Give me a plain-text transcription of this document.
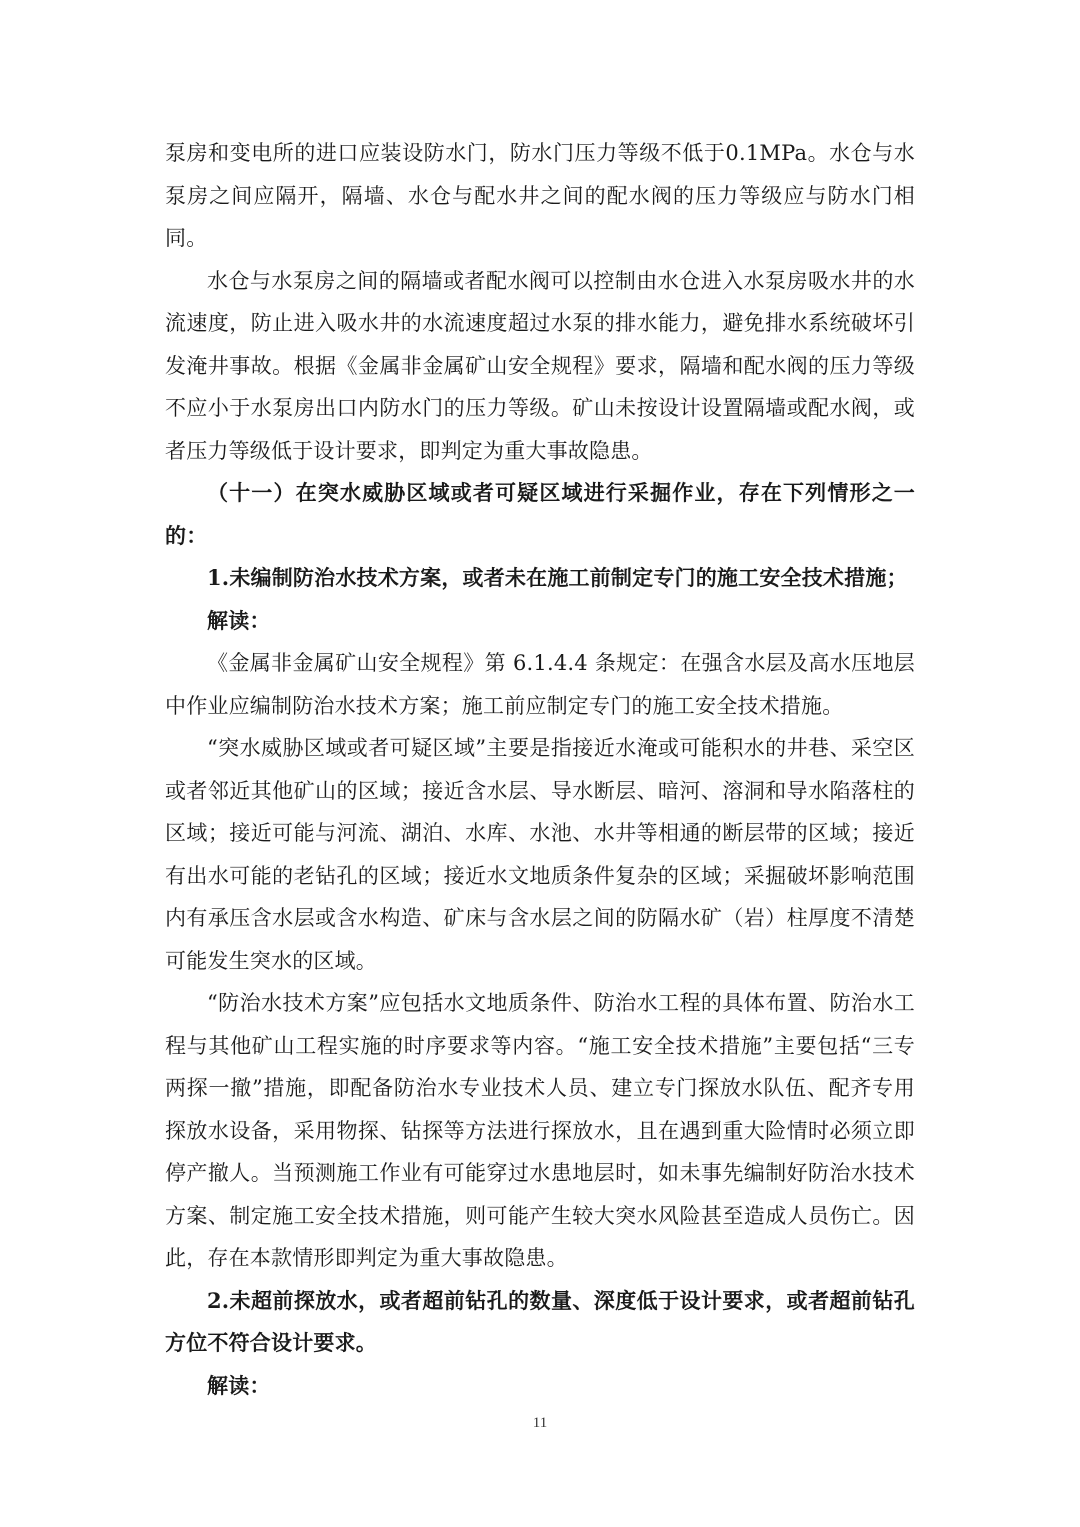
泵房和变电所的进口应装设防水门，防水门压力等级不低于0.1MPa。水仓与水泵房之间应隔开，隔墙、水仓与配水井之间的配水阀的压力等级应与防水门相同。

水仓与水泵房之间的隔墙或者配水阀可以控制由水仓进入水泵房吸水井的水流速度，防止进入吸水井的水流速度超过水泵的排水能力，避免排水系统破坏引发淹井事故。根据《金属非金属矿山安全规程》要求，隔墙和配水阀的压力等级不应小于水泵房出口内防水门的压力等级。矿山未按设计设置隔墙或配水阀，或者压力等级低于设计要求，即判定为重大事故隐患。

（十一）在突水威胁区域或者可疑区域进行采掘作业，存在下列情形之一的：

1.未编制防治水技术方案，或者未在施工前制定专门的施工安全技术措施；

解读：

《金属非金属矿山安全规程》第 6.1.4.4 条规定：在强含水层及高水压地层中作业应编制防治水技术方案；施工前应制定专门的施工安全技术措施。

“突水威胁区域或者可疑区域”主要是指接近水淹或可能积水的井巷、采空区或者邻近其他矿山的区域；接近含水层、导水断层、暗河、溶洞和导水陷落柱的区域；接近可能与河流、湖泊、水库、水池、水井等相通的断层带的区域；接近有出水可能的老钻孔的区域；接近水文地质条件复杂的区域；采掘破坏影响范围内有承压含水层或含水构造、矿床与含水层之间的防隔水矿（岩）柱厚度不清楚可能发生突水的区域。

“防治水技术方案”应包括水文地质条件、防治水工程的具体布置、防治水工程与其他矿山工程实施的时序要求等内容。“施工安全技术措施”主要包括“三专两探一撤”措施，即配备防治水专业技术人员、建立专门探放水队伍、配齐专用探放水设备，采用物探、钻探等方法进行探放水，且在遇到重大险情时必须立即停产撤人。当预测施工作业有可能穿过水患地层时，如未事先编制好防治水技术方案、制定施工安全技术措施，则可能产生较大突水风险甚至造成人员伤亡。因此，存在本款情形即判定为重大事故隐患。

2.未超前探放水，或者超前钻孔的数量、深度低于设计要求，或者超前钻孔方位不符合设计要求。

解读：

11
